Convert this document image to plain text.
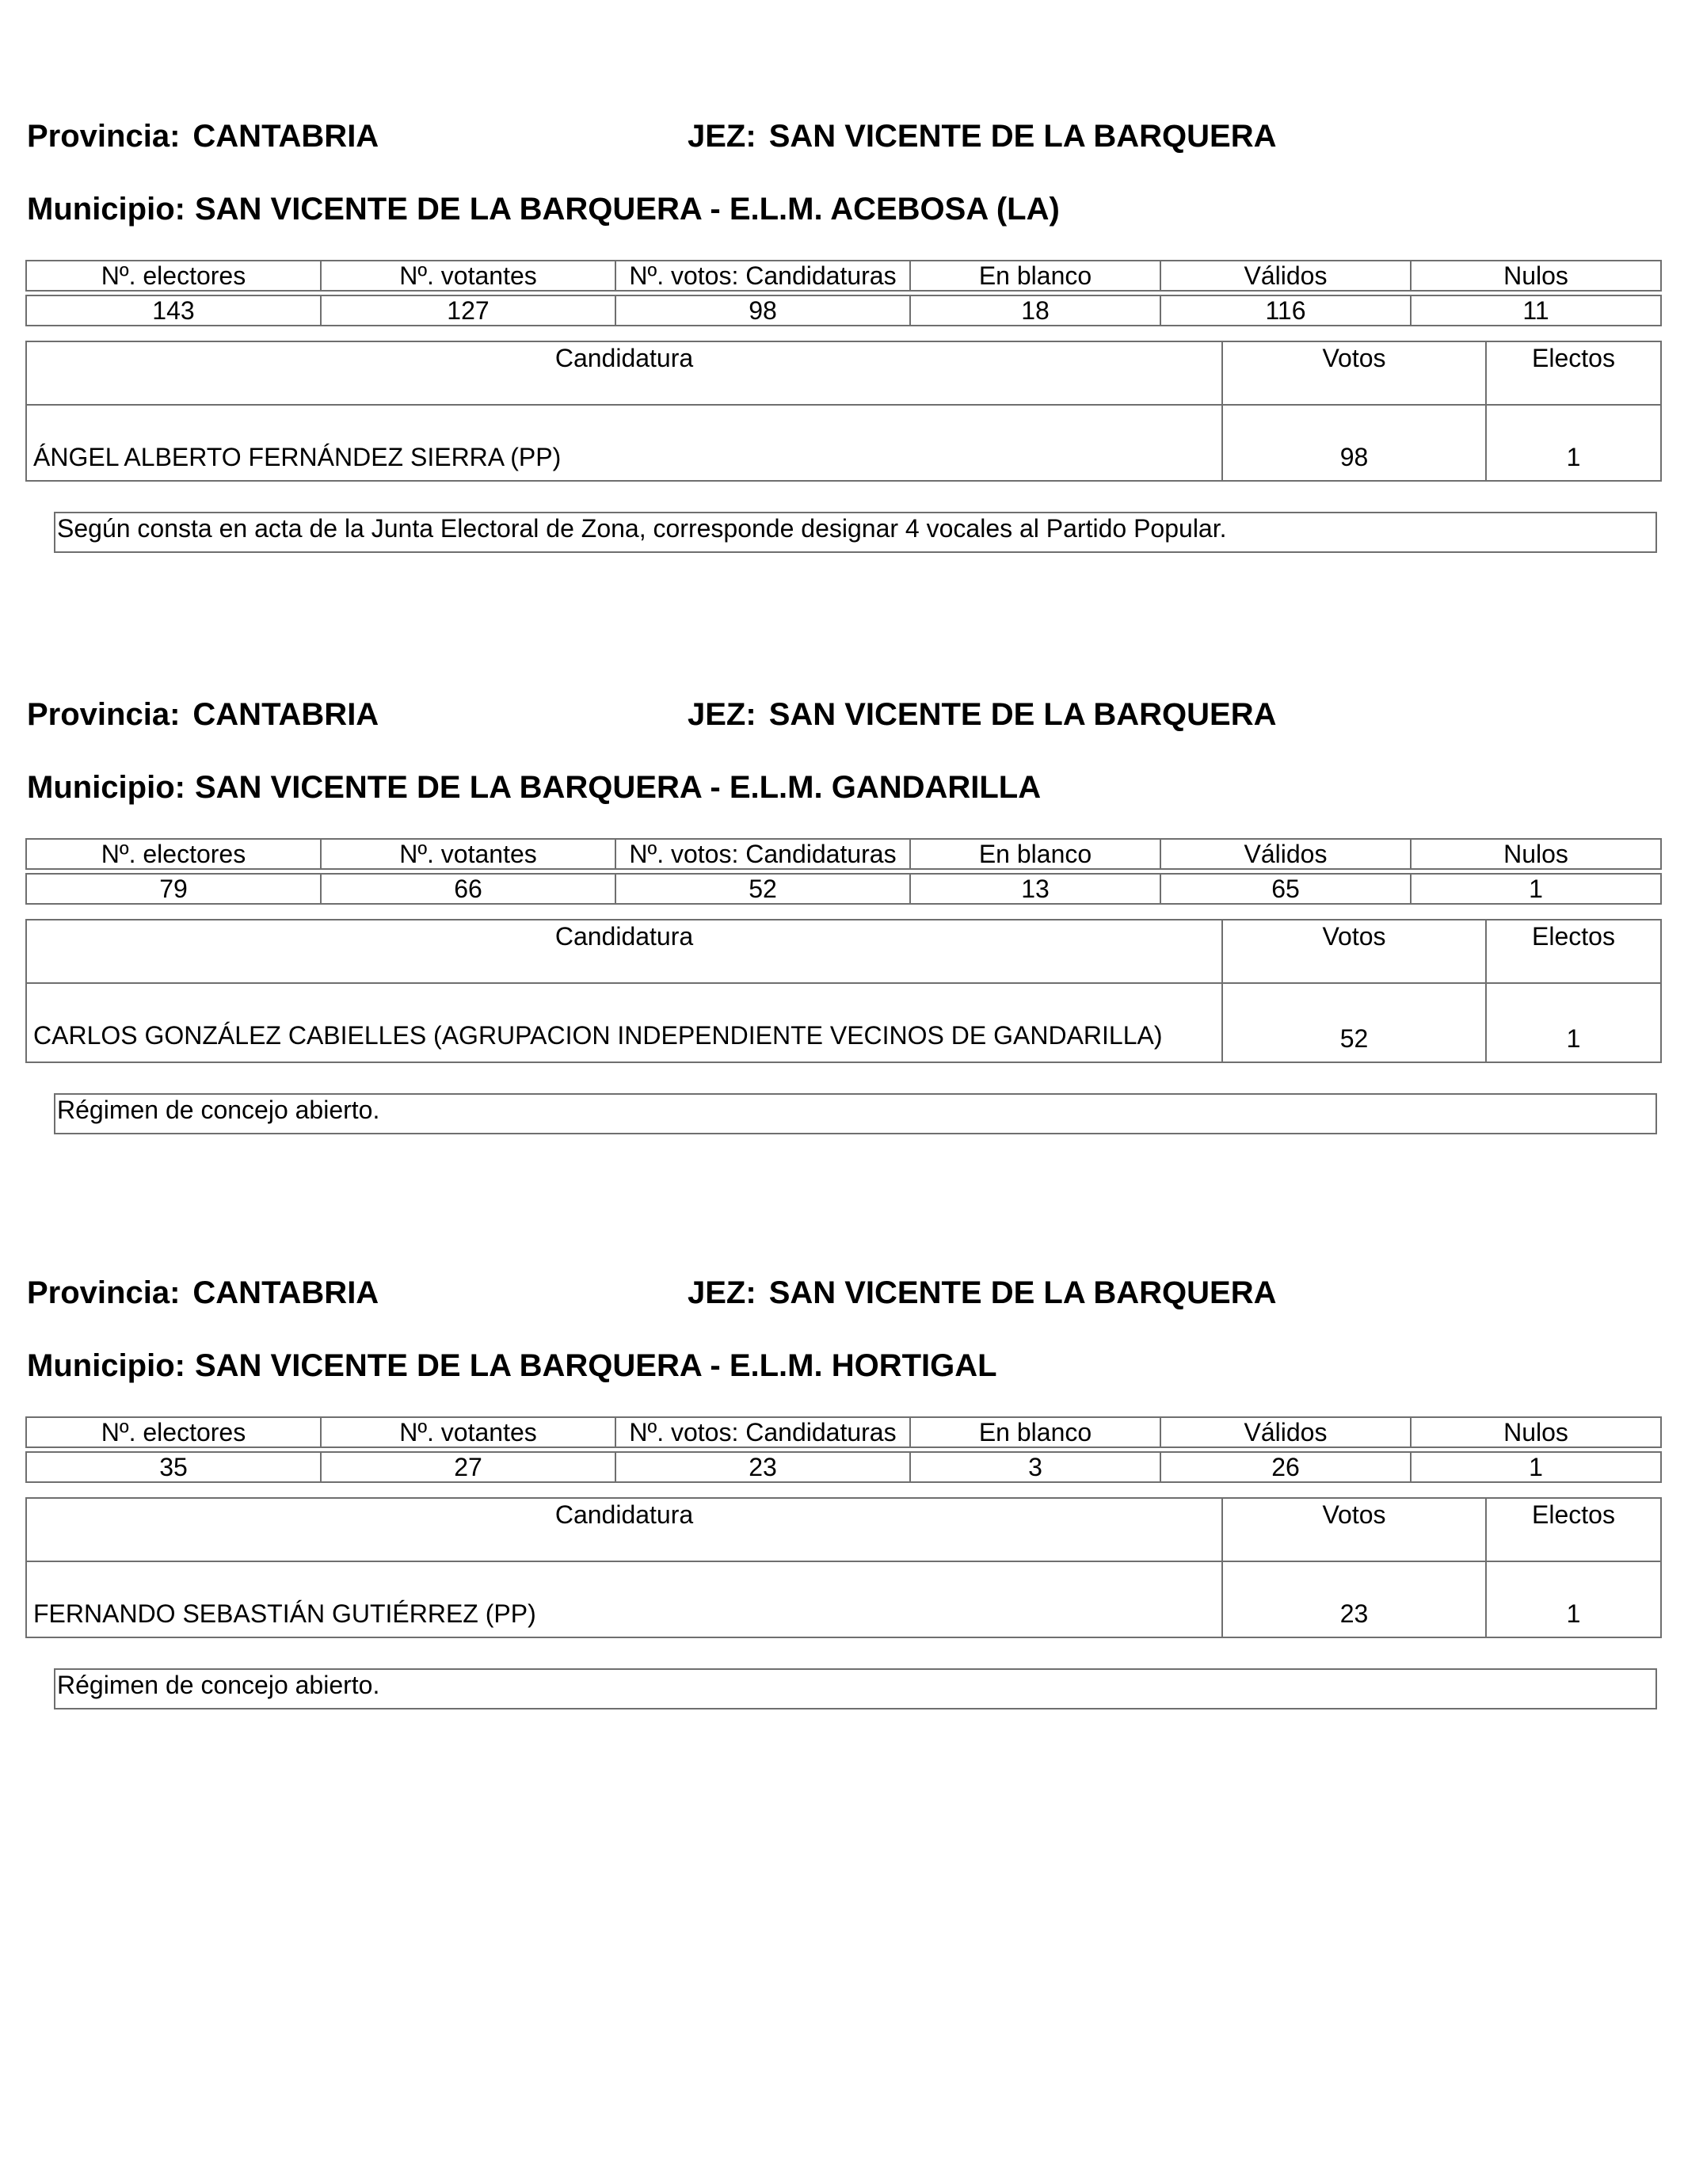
Provincia: CANTABRIA	JEZ: SAN VICENTE DE LA BARQUERA
Municipio: SAN VICENTE DE LA BARQUERA - E.L.M. ACEBOSA (LA)
Nº. electores	Nº. votantes	Nº. votos: Candidaturas	En blanco	Válidos	Nulos

143	127	98	18	116	11
Candidatura	Votos	Electos
ÁNGEL ALBERTO FERNÁNDEZ SIERRA (PP)	98	1
Según consta en acta de la Junta Electoral de Zona, corresponde designar 4 vocales al Partido Popular.
Provincia: CANTABRIA	JEZ: SAN VICENTE DE LA BARQUERA
Municipio: SAN VICENTE DE LA BARQUERA - E.L.M. GANDARILLA
Nº. electores	Nº. votantes	Nº. votos: Candidaturas	En blanco	Válidos	Nulos

79	66	52	13	65	1
Candidatura	Votos	Electos
CARLOS GONZÁLEZ CABIELLES (AGRUPACION INDEPENDIENTE VECINOS DE GANDARILLA)	52	1
Régimen de concejo abierto.
Provincia: CANTABRIA	JEZ: SAN VICENTE DE LA BARQUERA
Municipio: SAN VICENTE DE LA BARQUERA - E.L.M. HORTIGAL
Nº. electores	Nº. votantes	Nº. votos: Candidaturas	En blanco	Válidos	Nulos

35	27	23	3	26	1
Candidatura	Votos	Electos
FERNANDO SEBASTIÁN GUTIÉRREZ (PP)	23	1
Régimen de concejo abierto.
